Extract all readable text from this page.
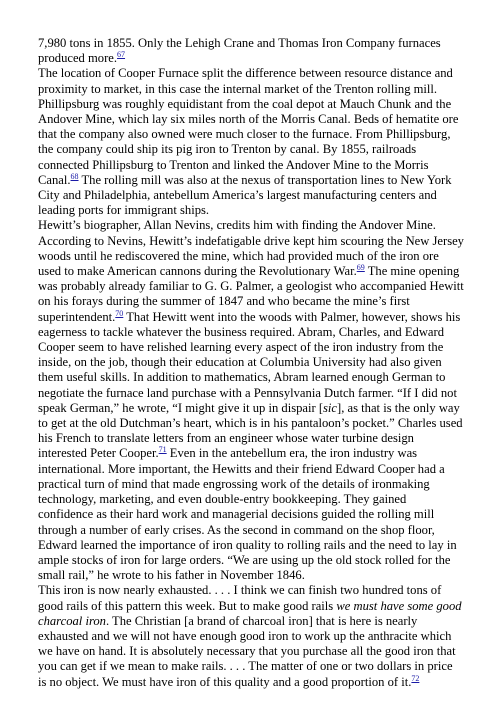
7,980 tons in 1855. Only the Lehigh Crane and Thomas Iron Company furnaces produced more.$^{67}$

The location of Cooper Furnace split the difference between resource distance and proximity to market, in this case the internal market of the Trenton rolling mill. Phillipsburg was roughly equidistant from the coal depot at Mauch Chunk and the Andover Mine, which lay six miles north of the Morris Canal. Beds of hematite ore that the company also owned were much closer to the furnace. From Phillipsburg, the company could ship its pig iron to Trenton by canal. By 1855, railroads connected Phillipsburg to Trenton and linked the Andover Mine to the Morris Canal.$^{68}$ The rolling mill was also at the nexus of transportation lines to New York City and Philadelphia, antebellum America’s largest manufacturing centers and leading ports for immigrant ships.

Hewitt’s biographer, Allan Nevins, credits him with finding the Andover Mine. According to Nevins, Hewitt’s indefatigable drive kept him scouring the New Jersey woods until he rediscovered the mine, which had provided much of the iron ore used to make American cannons during the Revolutionary War.$^{69}$ The mine opening was probably already familiar to G. G. Palmer, a geologist who accompanied Hewitt on his forays during the summer of 1847 and who became the mine’s first superintendent.$^{70}$ That Hewitt went into the woods with Palmer, however, shows his eagerness to tackle whatever the business required. Abram, Charles, and Edward Cooper seem to have relished learning every aspect of the iron industry from the inside, on the job, though their education at Columbia University had also given them useful skills. In addition to mathematics, Abram learned enough German to negotiate the furnace land purchase with a Pennsylvania Dutch farmer. “If I did not speak German,” he wrote, “I might give it up in dispair [sic], as that is the only way to get at the old Dutchman’s heart, which is in his pantaloon’s pocket.” Charles used his French to translate letters from an engineer whose water turbine design interested Peter Cooper.$^{71}$ Even in the antebellum era, the iron industry was international. More important, the Hewitts and their friend Edward Cooper had a practical turn of mind that made engrossing work of the details of ironmaking technology, marketing, and even double-entry bookkeeping. They gained confidence as their hard work and managerial decisions guided the rolling mill through a number of early crises. As the second in command on the shop floor, Edward learned the importance of iron quality to rolling rails and the need to lay in ample stocks of iron for large orders. “We are using up the old stock rolled for the small rail,” he wrote to his father in November 1846.

This iron is now nearly exhausted. . . . I think we can finish two hundred tons of good rails of this pattern this week. But to make good rails we must have some good charcoal iron. The Christian [a brand of charcoal iron] that is here is nearly exhausted and we will not have enough good iron to work up the anthracite which we have on hand. It is absolutely necessary that you purchase all the good iron that you can get if we mean to make rails. . . . The matter of one or two dollars in price is no object. We must have iron of this quality and a good proportion of it.$^{72}$
